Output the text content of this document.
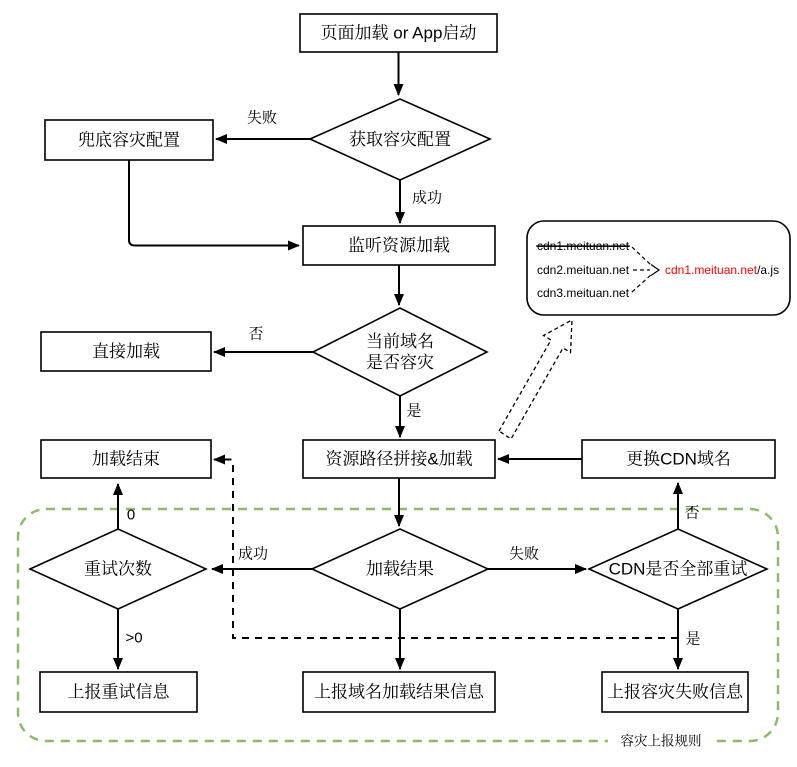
容灾上报规则
失败
成功
否
是
成功	失败
0
>0
否
是
页面加载 or App启动
兜底容灾配置
监听资源加载
直接加载
资源路径拼接&加载	更换CDN域名
加载结束
上报重试信息	上报域名加载结果信息	上报容灾失败信息
获取容灾配置
当前域名
是否容灾
重试次数	加载结果	CDN是否全部重试
cdn1.meituan.net
cdn2.meituan.net
cdn3.meituan.net
cdn1.meituan.net/a.js
